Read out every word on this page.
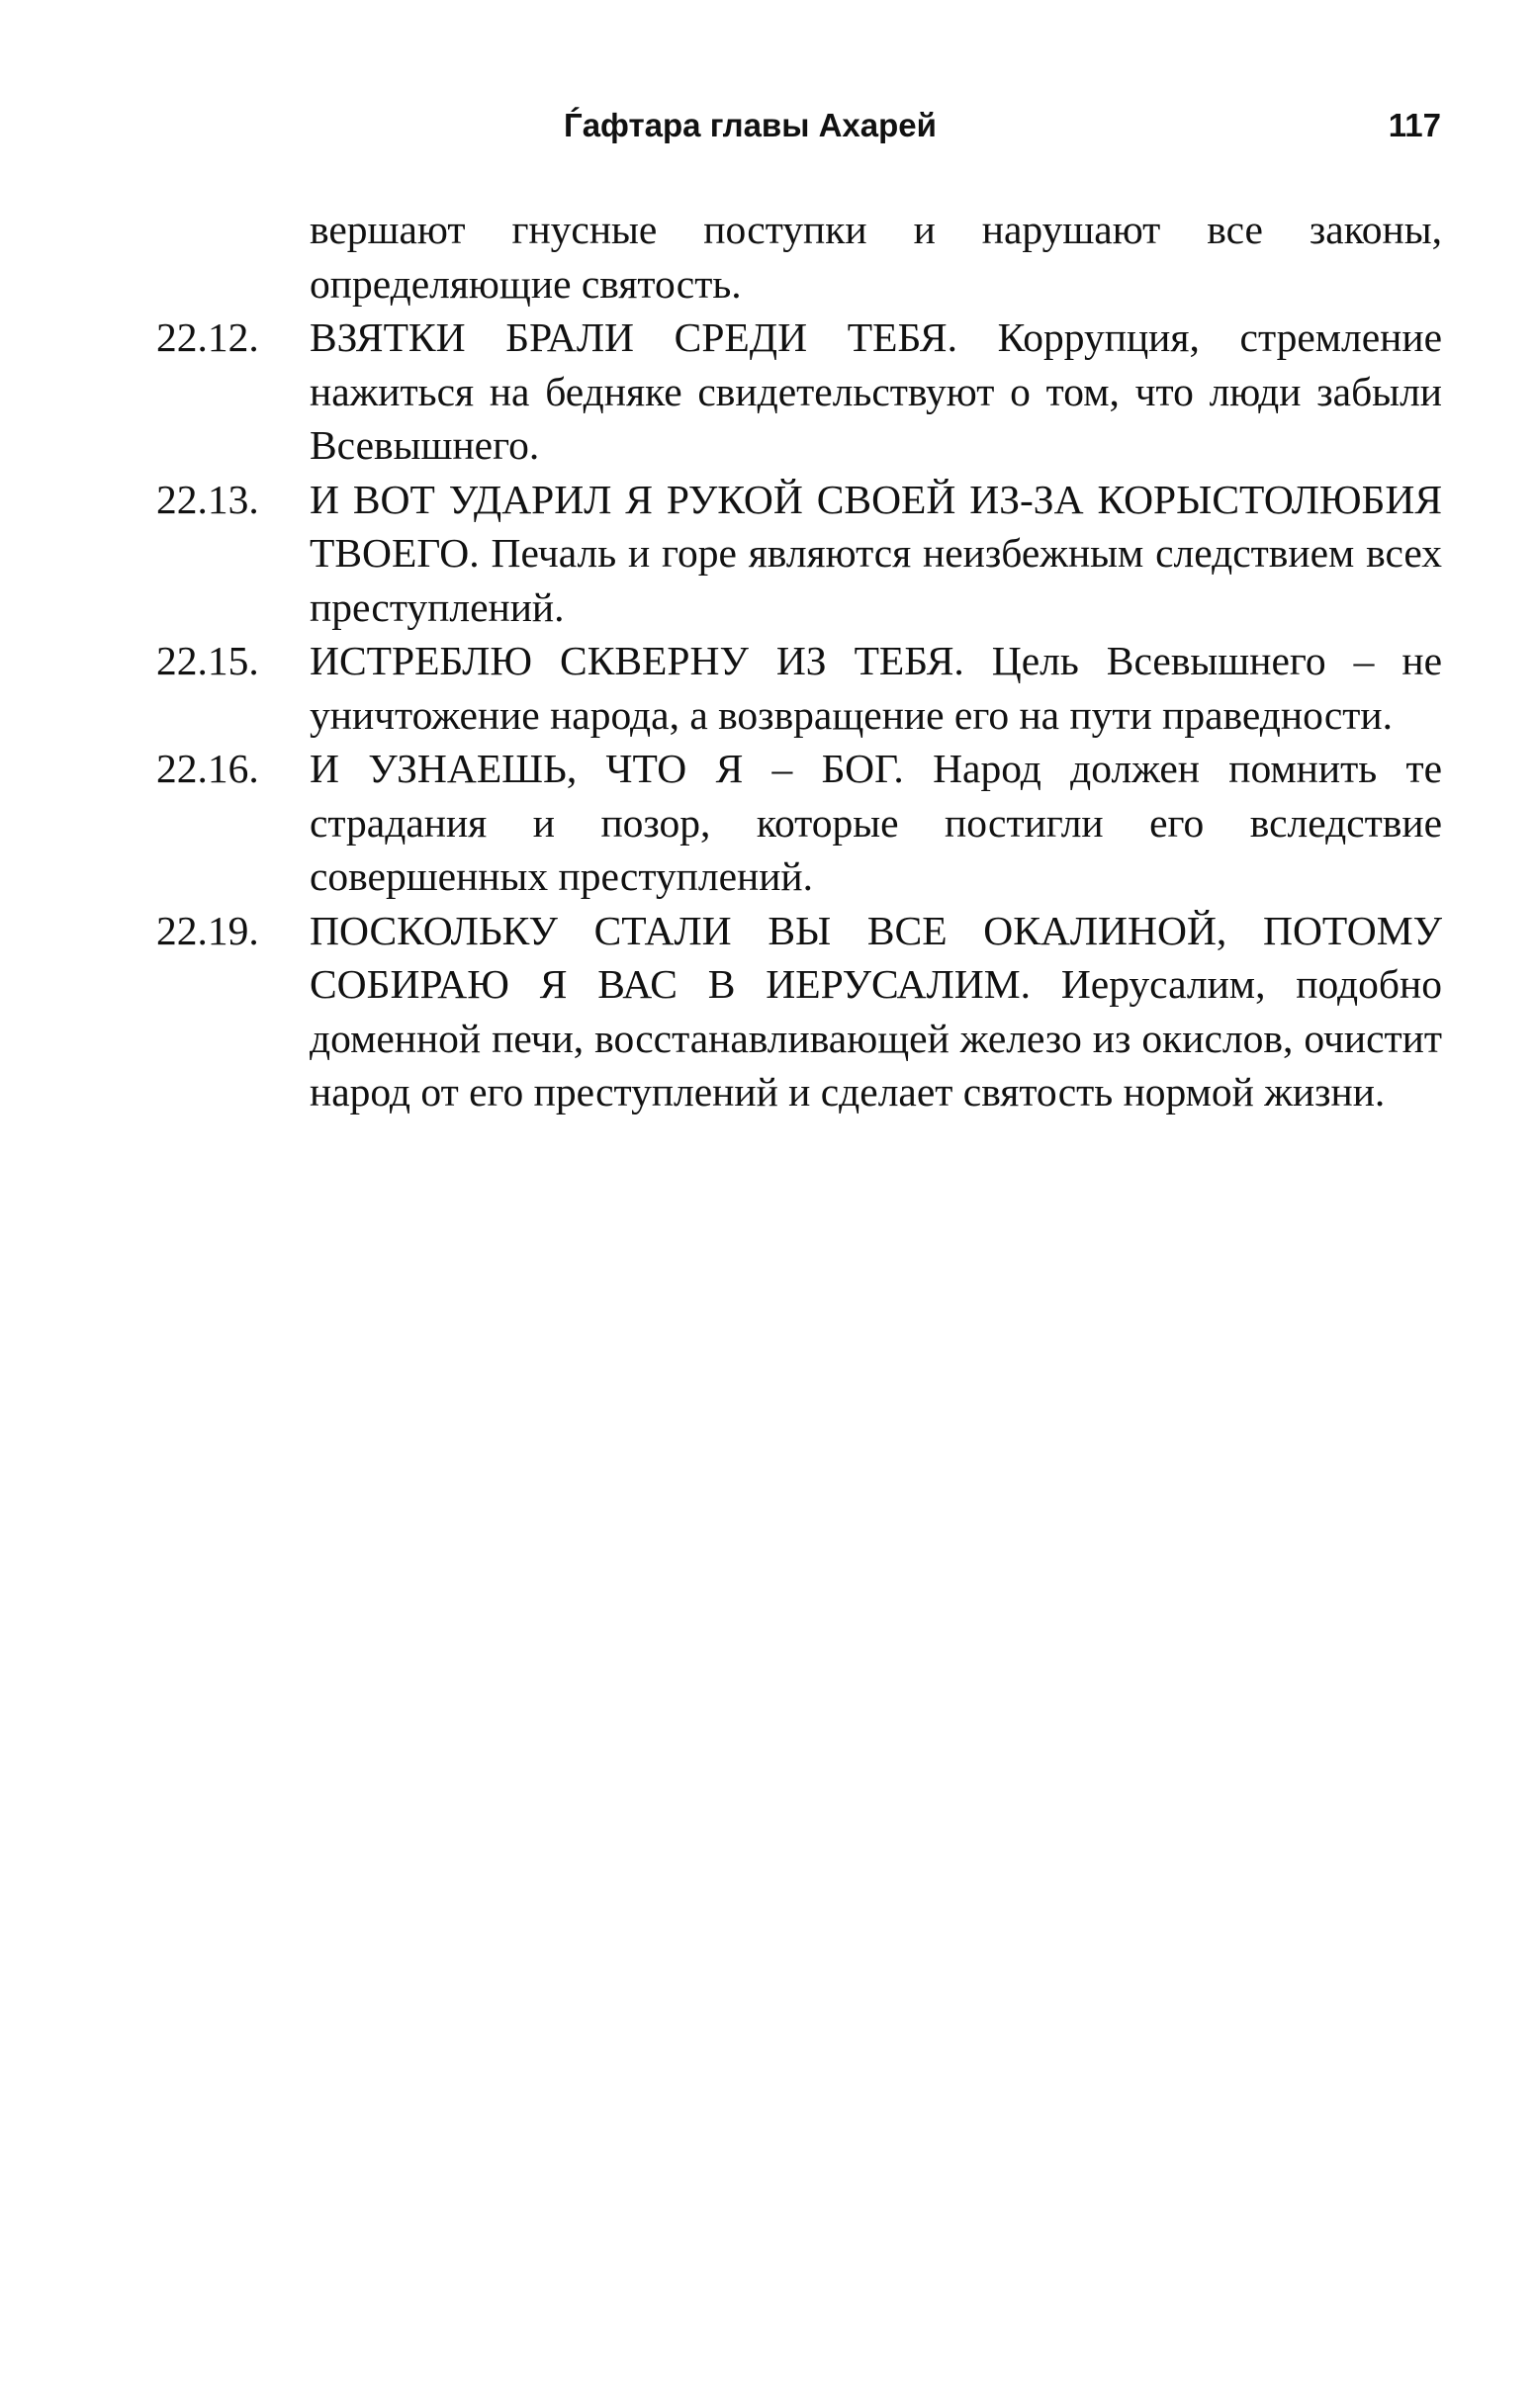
Ѓафтара главы Ахарей	117

вершают гнусные поступки и нарушают все законы, определяющие святость.

22.12.	ВЗЯТКИ БРАЛИ СРЕДИ ТЕБЯ. Коррупция, стремление нажиться на бедняке свидетельствуют о том, что люди забыли Всевышнего.
22.13.	И ВОТ УДАРИЛ Я РУКОЙ СВОЕЙ ИЗ-ЗА КОРЫСТОЛЮБИЯ ТВОЕГО. Печаль и горе являются неизбежным следствием всех преступлений.
22.15.	ИСТРЕБЛЮ СКВЕРНУ ИЗ ТЕБЯ. Цель Всевышнего – не уничтожение народа, а возвращение его на пути праведности.
22.16.	И УЗНАЕШЬ, ЧТО Я – БОГ. Народ должен помнить те страдания и позор, которые постигли его вследствие совершенных преступлений.
22.19.	ПОСКОЛЬКУ СТАЛИ ВЫ ВСЕ ОКАЛИНОЙ, ПОТОМУ СОБИРАЮ Я ВАС В ИЕРУСАЛИМ. Иерусалим, подобно доменной печи, восстанавливающей железо из окислов, очистит народ от его преступлений и сделает святость нормой жизни.
